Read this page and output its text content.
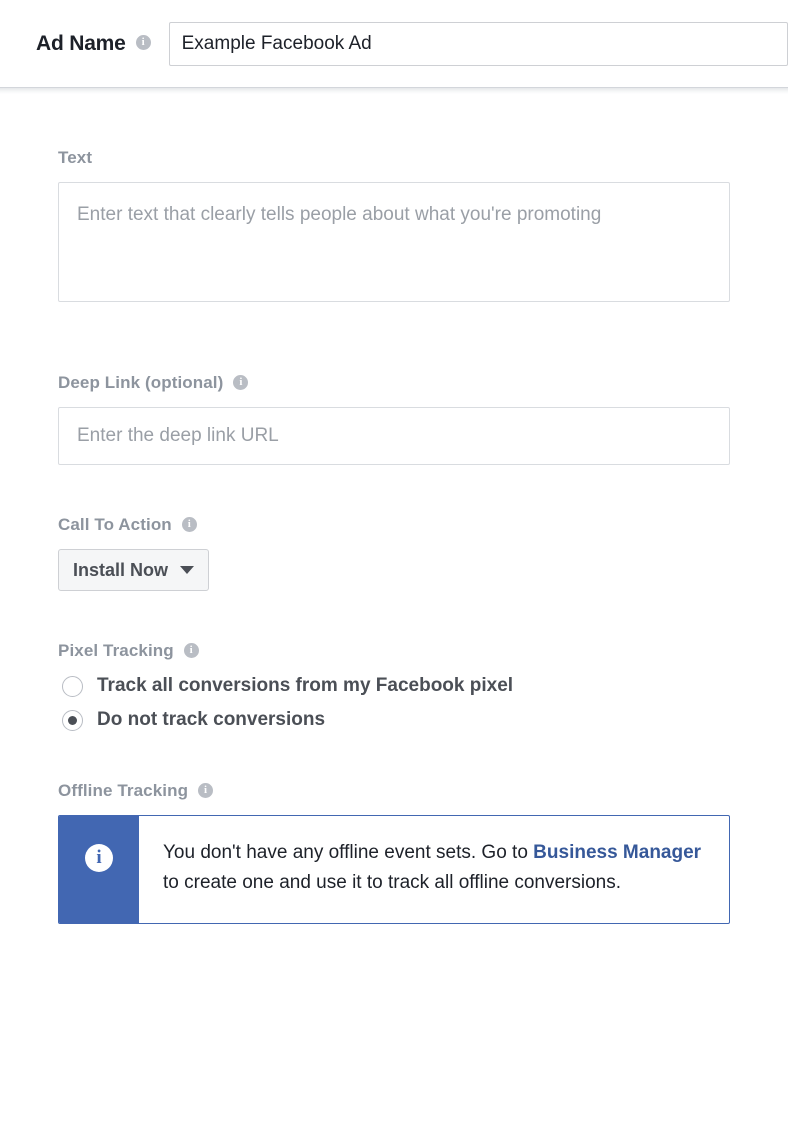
Ad Name	i
Example Facebook Ad
Text
Enter text that clearly tells people about what you're promoting
Deep Link (optional)	i
Enter the deep link URL
Call To Action	i
Install Now
Pixel Tracking	i
Track all conversions from my Facebook pixel
Do not track conversions
Offline Tracking	i
i	You don't have any offline event sets. Go to Business Manager to create one and use it to track all offline conversions.
